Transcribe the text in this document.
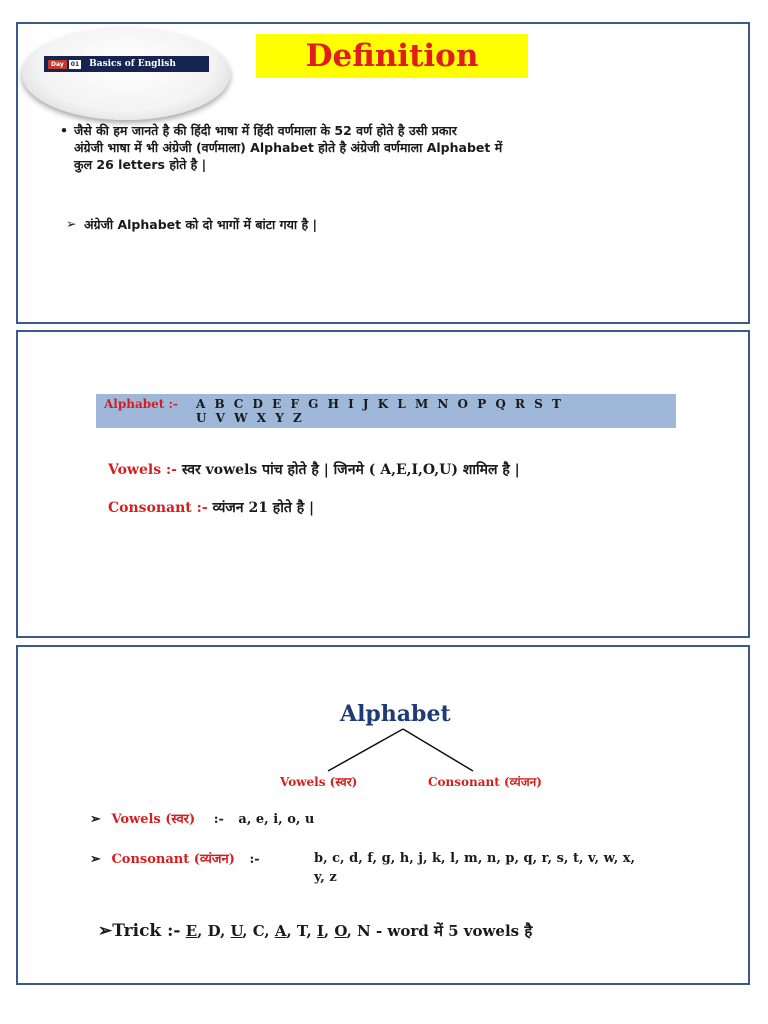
Day	01 Basics of English	Definition
• जैसे की हम जानते है की हिंदी भाषा में हिंदी वर्णमाला के 52 वर्ण होते है उसी प्रकार
अंग्रेजी भाषा में भी अंग्रेजी (वर्णमाला) Alphabet होते है अंग्रेजी वर्णमाला Alphabet में
कुल 26 letters होते है |
➢ अंग्रेजी Alphabet को दो भागों में बांटा गया है |
Alphabet :- A B C D E F G H I J K L M N O P Q R S T
U V W X Y Z
Vowels :- स्वर vowels पांच होते है | जिनमे ( A,E,I,O,U) शामिल है |
Consonant :- व्यंजन 21 होते है |
Alphabet
Vowels (स्वर)	Consonant (व्यंजन)
➢ Vowels (स्वर) :- a, e, i, o, u
➢ Consonant (व्यंजन) :-	b, c, d, f, g, h, j, k, l, m, n, p, q, r, s, t, v, w, x,
y, z
➢Trick :- E, D, U, C, A, T, I, O, N - word में 5 vowels है
